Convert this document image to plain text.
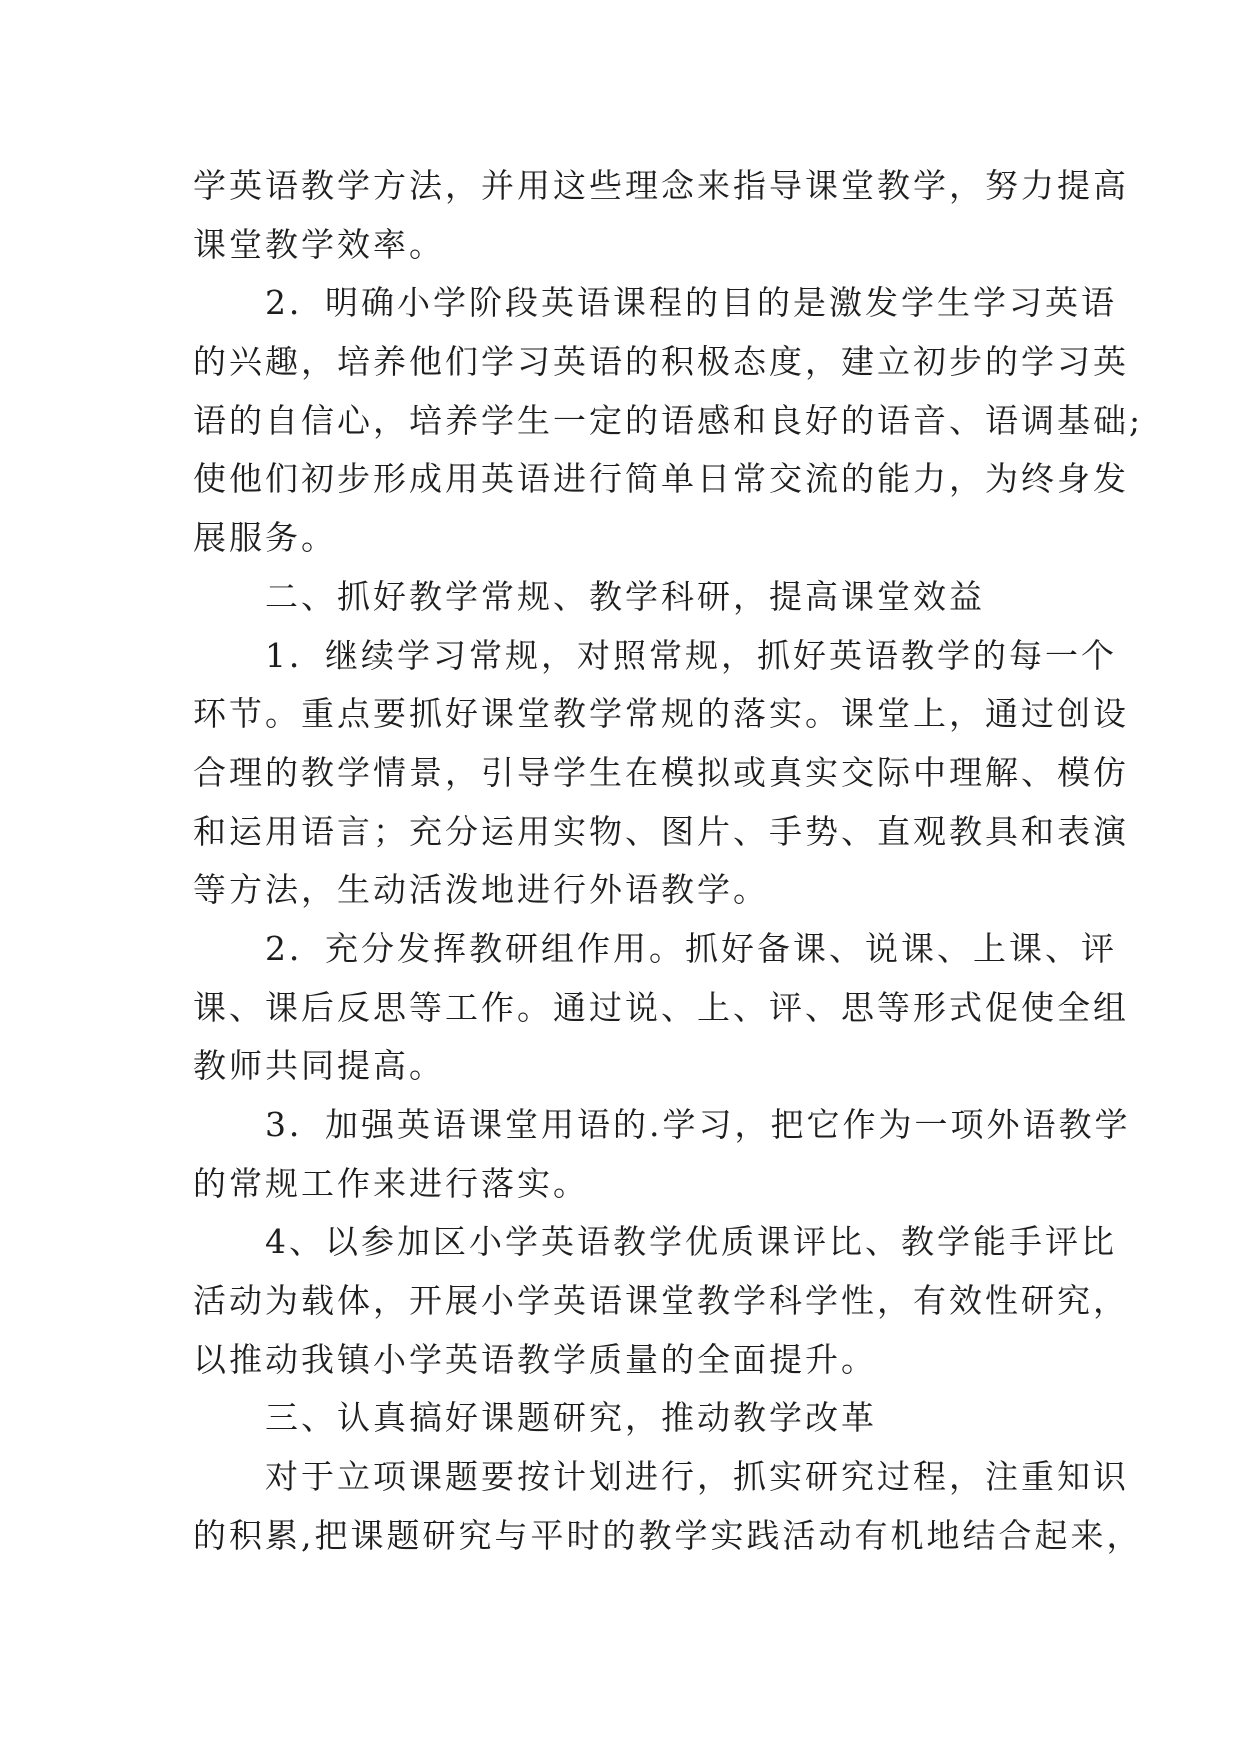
学英语教学方法，并用这些理念来指导课堂教学，努力提高
课堂教学效率。
　　2．明确小学阶段英语课程的目的是激发学生学习英语
的兴趣，培养他们学习英语的积极态度，建立初步的学习英
语的自信心，培养学生一定的语感和良好的语音、语调基础;
使他们初步形成用英语进行简单日常交流的能力，为终身发
展服务。
　　二、抓好教学常规、教学科研，提高课堂效益
　　1．继续学习常规，对照常规，抓好英语教学的每一个
环节。重点要抓好课堂教学常规的落实。课堂上，通过创设
合理的教学情景，引导学生在模拟或真实交际中理解、模仿
和运用语言；充分运用实物、图片、手势、直观教具和表演
等方法，生动活泼地进行外语教学。
　　2．充分发挥教研组作用。抓好备课、说课、上课、评
课、课后反思等工作。通过说、上、评、思等形式促使全组
教师共同提高。
　　3．加强英语课堂用语的.学习，把它作为一项外语教学
的常规工作来进行落实。
　　4、以参加区小学英语教学优质课评比、教学能手评比
活动为载体，开展小学英语课堂教学科学性，有效性研究，
以推动我镇小学英语教学质量的全面提升。
　　三、认真搞好课题研究，推动教学改革
　　对于立项课题要按计划进行，抓实研究过程，注重知识
的积累,把课题研究与平时的教学实践活动有机地结合起来，
